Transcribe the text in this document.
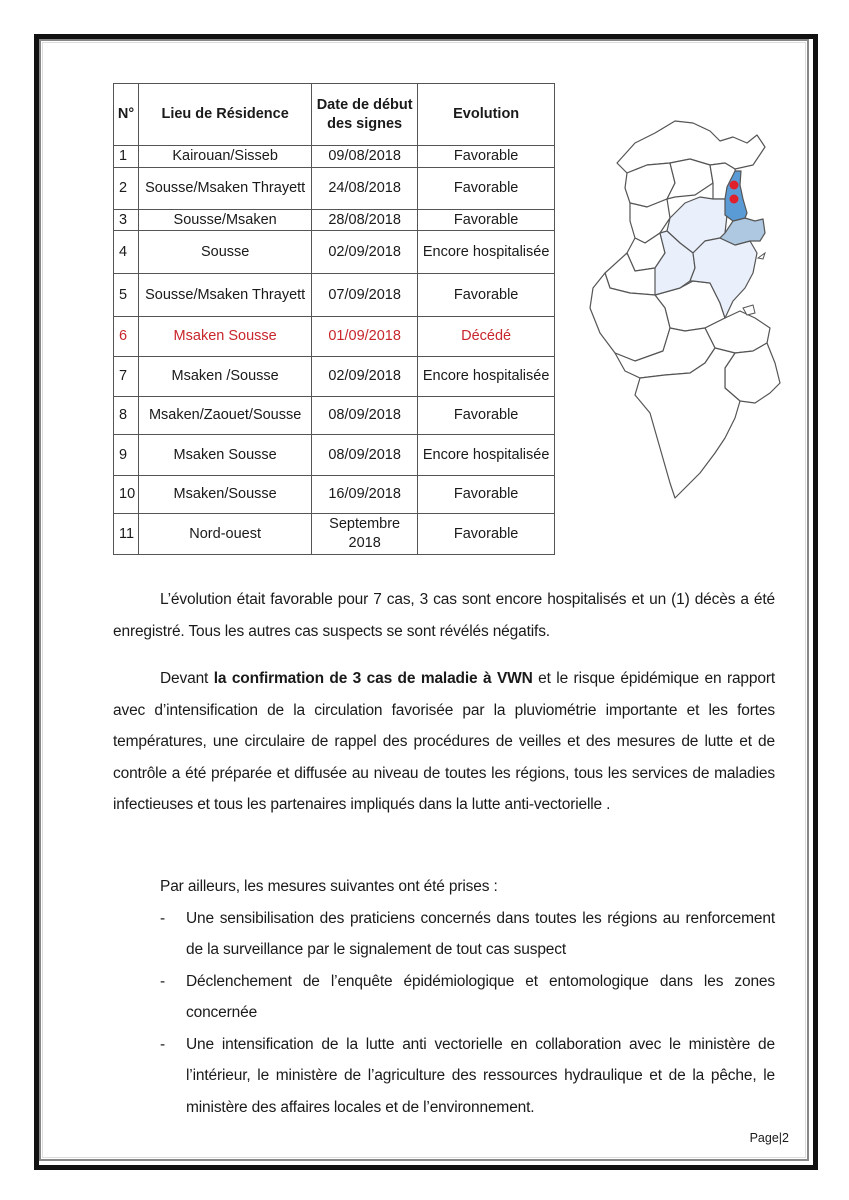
N°	Lieu de Résidence	Date de début des signes	Evolution
1	Kairouan/Sisseb	09/08/2018	Favorable
2	Sousse/Msaken Thrayett	24/08/2018	Favorable
3	Sousse/Msaken	28/08/2018	Favorable
4	Sousse	02/09/2018	Encore hospitalisée
5	Sousse/Msaken Thrayett	07/09/2018	Favorable
6	Msaken Sousse	01/09/2018	Décédé
7	Msaken /Sousse	02/09/2018	Encore hospitalisée
8	Msaken/Zaouet/Sousse	08/09/2018	Favorable
9	Msaken Sousse	08/09/2018	Encore hospitalisée
10	Msaken/Sousse	16/09/2018	Favorable
11	Nord-ouest	Septembre 2018	Favorable
L’évolution était favorable pour 7 cas, 3 cas sont encore hospitalisés et un (1) décès a été enregistré. Tous les autres cas suspects se sont révélés négatifs.
Devant la confirmation de 3 cas de maladie à VWN et le risque épidémique en rapport avec d’intensification de la circulation favorisée par la pluviométrie importante et les fortes températures, une circulaire de rappel des procédures de veilles et des mesures de lutte et de contrôle a été préparée et diffusée au niveau de toutes les régions, tous les services de maladies infectieuses et tous les partenaires impliqués dans la lutte anti-vectorielle .
Par ailleurs, les mesures suivantes ont été prises :
- Une sensibilisation des praticiens concernés dans toutes les régions au renforcement de la surveillance par le signalement de tout cas suspect
- Déclenchement de l’enquête épidémiologique et entomologique dans les zones concernée
- Une intensification de la lutte anti vectorielle en collaboration avec le ministère de l’intérieur, le ministère de l’agriculture des ressources hydraulique et de la pêche, le ministère des affaires locales et de l’environnement.
Page|2
